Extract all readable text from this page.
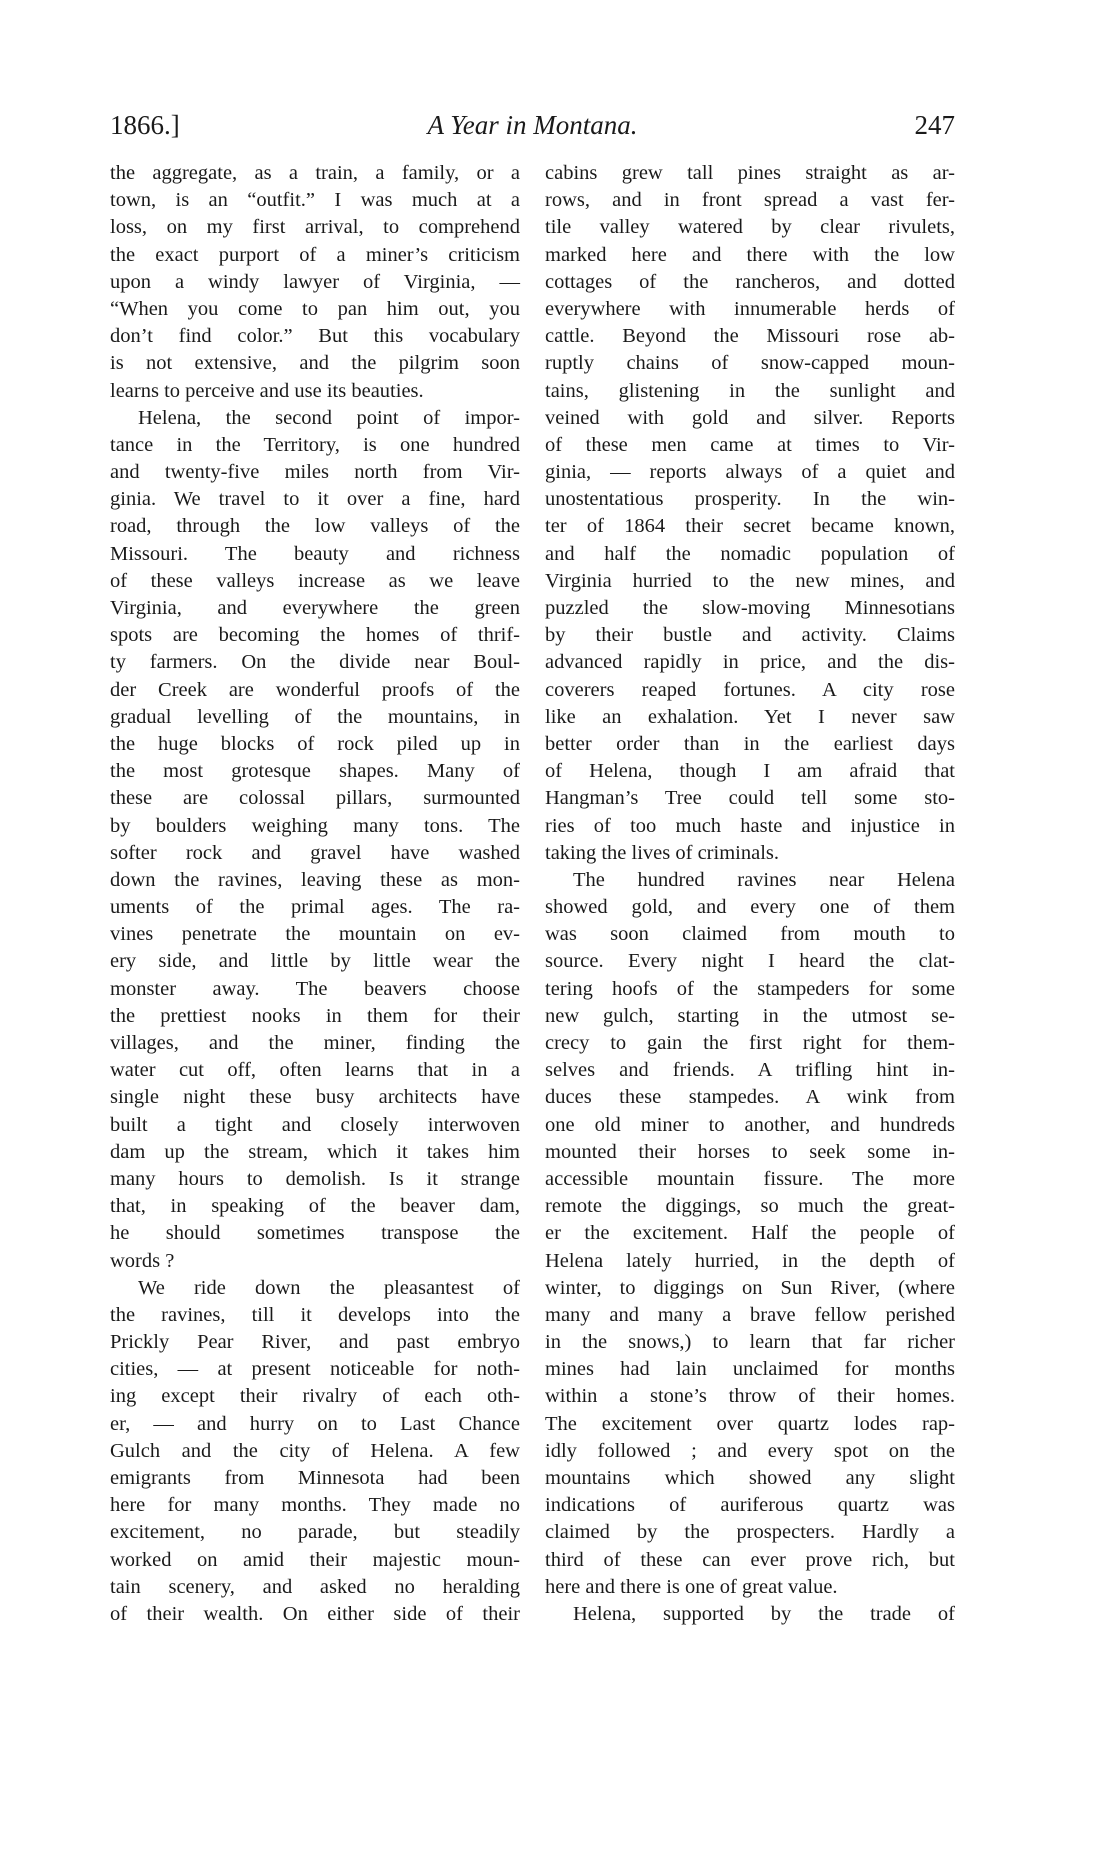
1866.]	A Year in Montana.	247
the aggregate, as a train, a family, or a
town, is an “outfit.” I was much at a
loss, on my first arrival, to comprehend
the exact purport of a miner’s criticism
upon a windy lawyer of Virginia, —
“When you come to pan him out, you
don’t find color.” But this vocabulary
is not extensive, and the pilgrim soon
learns to perceive and use its beauties.
Helena, the second point of impor-
tance in the Territory, is one hundred
and twenty-five miles north from Vir-
ginia. We travel to it over a fine, hard
road, through the low valleys of the
Missouri. The beauty and richness
of these valleys increase as we leave
Virginia, and everywhere the green
spots are becoming the homes of thrif-
ty farmers. On the divide near Boul-
der Creek are wonderful proofs of the
gradual levelling of the mountains, in
the huge blocks of rock piled up in
the most grotesque shapes. Many of
these are colossal pillars, surmounted
by boulders weighing many tons. The
softer rock and gravel have washed
down the ravines, leaving these as mon-
uments of the primal ages. The ra-
vines penetrate the mountain on ev-
ery side, and little by little wear the
monster away. The beavers choose
the prettiest nooks in them for their
villages, and the miner, finding the
water cut off, often learns that in a
single night these busy architects have
built a tight and closely interwoven
dam up the stream, which it takes him
many hours to demolish. Is it strange
that, in speaking of the beaver dam,
he should sometimes transpose the
words ?
We ride down the pleasantest of
the ravines, till it develops into the
Prickly Pear River, and past embryo
cities, — at present noticeable for noth-
ing except their rivalry of each oth-
er, — and hurry on to Last Chance
Gulch and the city of Helena. A few
emigrants from Minnesota had been
here for many months. They made no
excitement, no parade, but steadily
worked on amid their majestic moun-
tain scenery, and asked no heralding
of their wealth. On either side of their
cabins grew tall pines straight as ar-
rows, and in front spread a vast fer-
tile valley watered by clear rivulets,
marked here and there with the low
cottages of the rancheros, and dotted
everywhere with innumerable herds of
cattle. Beyond the Missouri rose ab-
ruptly chains of snow-capped moun-
tains, glistening in the sunlight and
veined with gold and silver. Reports
of these men came at times to Vir-
ginia, — reports always of a quiet and
unostentatious prosperity. In the win-
ter of 1864 their secret became known,
and half the nomadic population of
Virginia hurried to the new mines, and
puzzled the slow-moving Minnesotians
by their bustle and activity. Claims
advanced rapidly in price, and the dis-
coverers reaped fortunes. A city rose
like an exhalation. Yet I never saw
better order than in the earliest days
of Helena, though I am afraid that
Hangman’s Tree could tell some sto-
ries of too much haste and injustice in
taking the lives of criminals.
The hundred ravines near Helena
showed gold, and every one of them
was soon claimed from mouth to
source. Every night I heard the clat-
tering hoofs of the stampeders for some
new gulch, starting in the utmost se-
crecy to gain the first right for them-
selves and friends. A trifling hint in-
duces these stampedes. A wink from
one old miner to another, and hundreds
mounted their horses to seek some in-
accessible mountain fissure. The more
remote the diggings, so much the great-
er the excitement. Half the people of
Helena lately hurried, in the depth of
winter, to diggings on Sun River, (where
many and many a brave fellow perished
in the snows,) to learn that far richer
mines had lain unclaimed for months
within a stone’s throw of their homes.
The excitement over quartz lodes rap-
idly followed ; and every spot on the
mountains which showed any slight
indications of auriferous quartz was
claimed by the prospecters. Hardly a
third of these can ever prove rich, but
here and there is one of great value.
Helena, supported by the trade of
